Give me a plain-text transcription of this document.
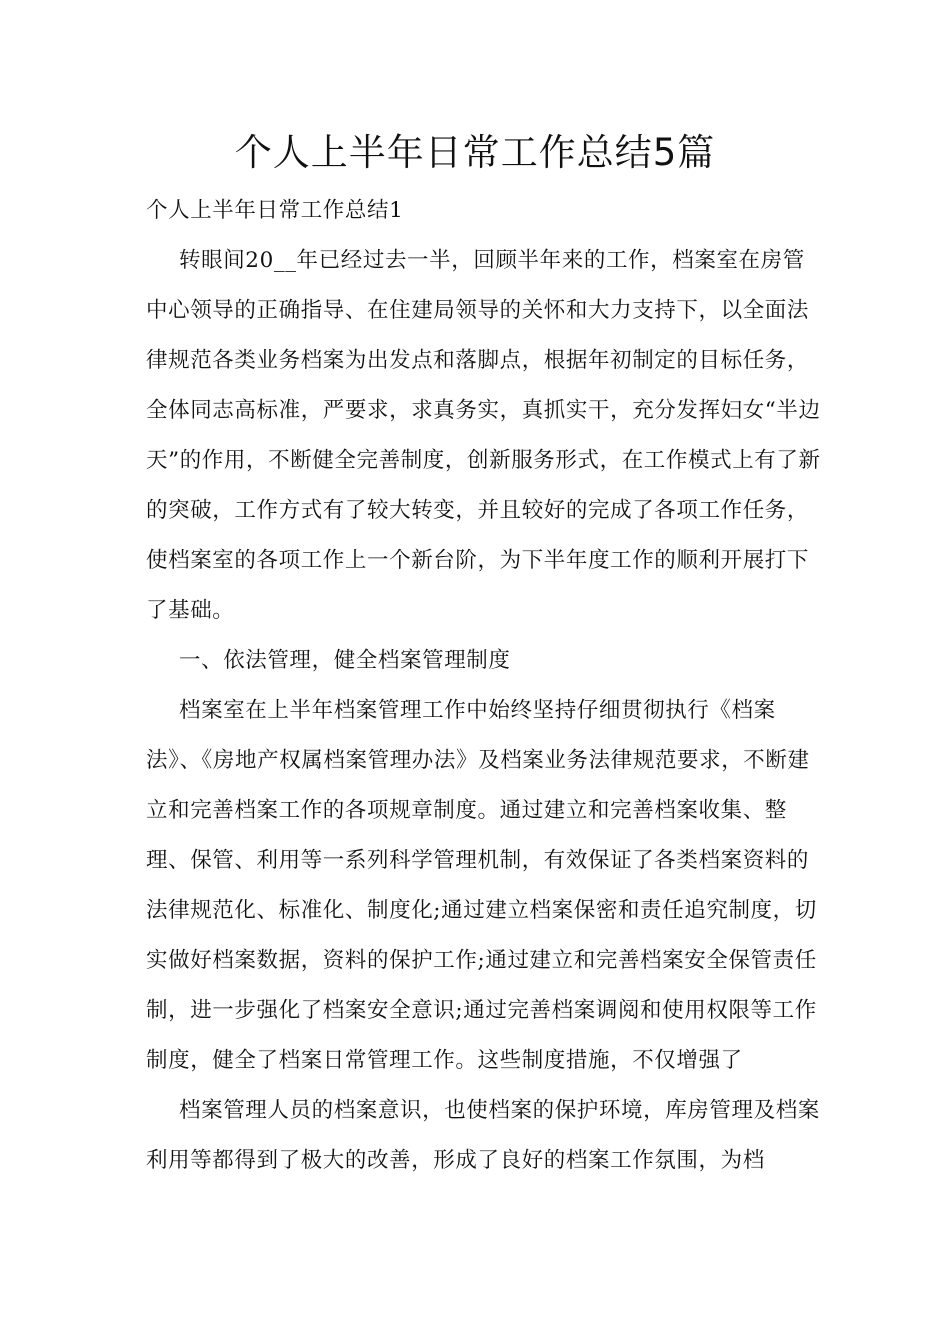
个人上半年日常工作总结5篇

个人上半年日常工作总结1

转眼间20__年已经过去一半，回顾半年来的工作，档案室在房管中心领导的正确指导、在住建局领导的关怀和大力支持下，以全面法律规范各类业务档案为出发点和落脚点，根据年初制定的目标任务，全体同志高标准，严要求，求真务实，真抓实干，充分发挥妇女“半边天”的作用，不断健全完善制度，创新服务形式，在工作模式上有了新的突破，工作方式有了较大转变，并且较好的完成了各项工作任务，使档案室的各项工作上一个新台阶，为下半年度工作的顺利开展打下了基础。

一、依法管理，健全档案管理制度

档案室在上半年档案管理工作中始终坚持仔细贯彻执行《档案法》、《房地产权属档案管理办法》及档案业务法律规范要求，不断建立和完善档案工作的各项规章制度。通过建立和完善档案收集、整理、保管、利用等一系列科学管理机制，有效保证了各类档案资料的法律规范化、标准化、制度化;通过建立档案保密和责任追究制度，切实做好档案数据，资料的保护工作;通过建立和完善档案安全保管责任制，进一步强化了档案安全意识;通过完善档案调阅和使用权限等工作制度，健全了档案日常管理工作。这些制度措施，不仅增强了

档案管理人员的档案意识，也使档案的保护环境，库房管理及档案利用等都得到了极大的改善，形成了良好的档案工作氛围，为档
